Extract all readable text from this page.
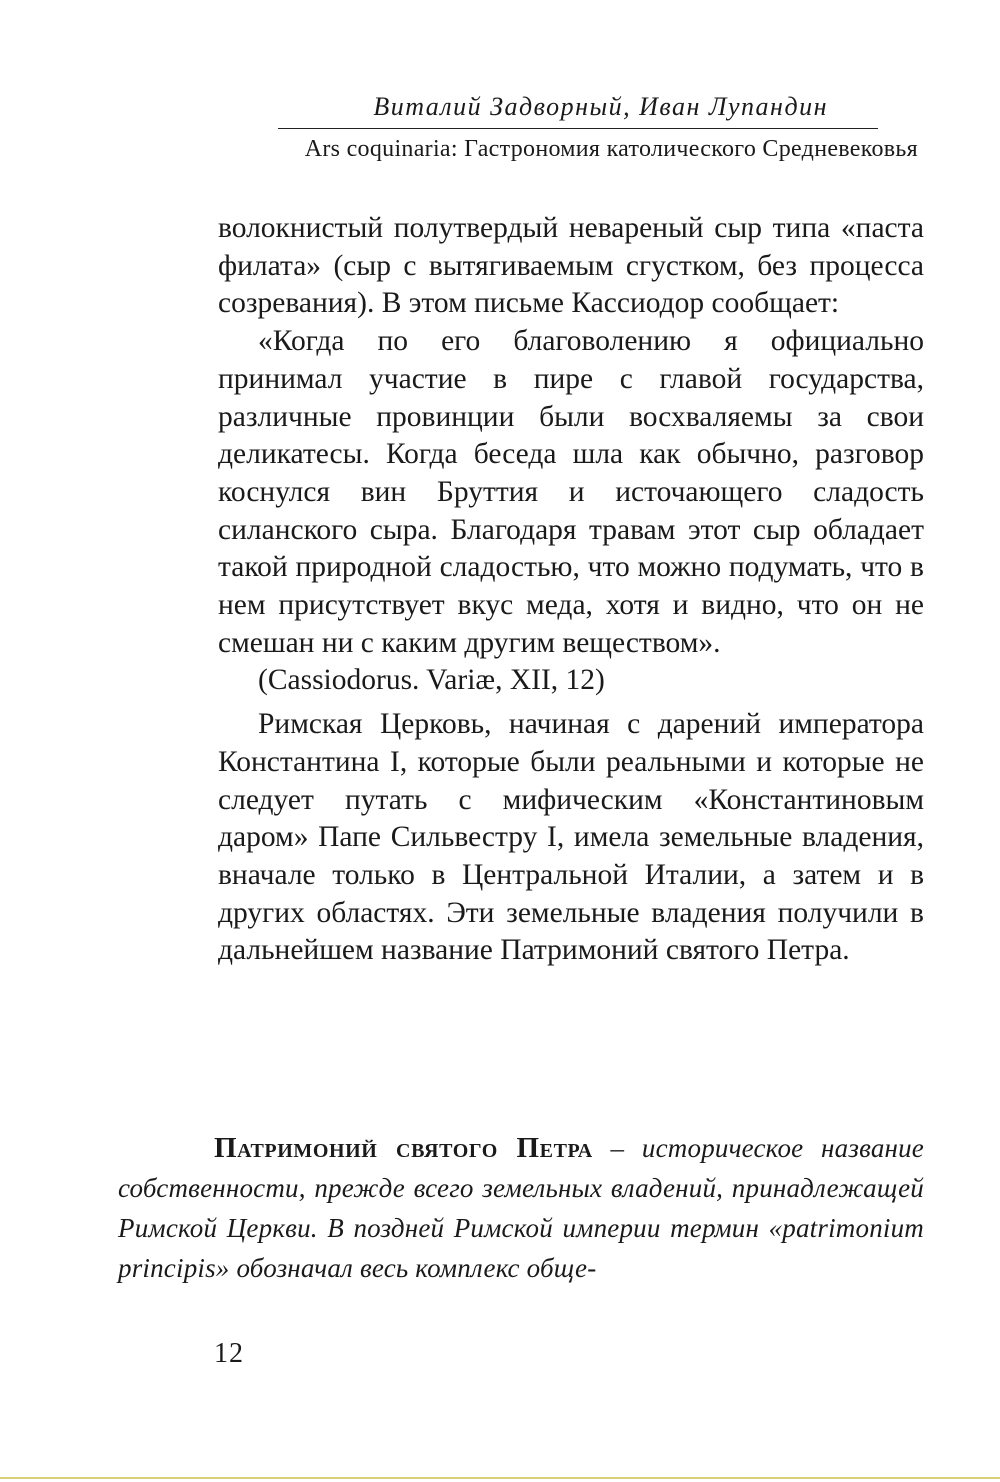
Виталий Задворный, Иван Лупандин
Ars coquinaria: Гастрономия католического Средневековья

волокнистый полутвердый невареный сыр типа «паста филата» (сыр с вытягиваемым сгустком, без процесса созревания). В этом письме Кассиодор сообщает:

«Когда по его благоволению я официально принимал участие в пире с главой государства, различные провинции были восхваляемы за свои деликатесы. Когда беседа шла как обычно, разговор коснулся вин Бруттия и источающего сладость силанского сыра. Благодаря травам этот сыр обладает такой природной сладостью, что можно подумать, что в нем присутствует вкус меда, хотя и видно, что он не смешан ни с каким другим веществом».

(Cassiodorus. Variæ, XII, 12)

Римская Церковь, начиная с дарений императора Константина I, которые были реальными и которые не следует путать с мифическим «Константиновым даром» Папе Сильвестру I, имела земельные владения, вначале только в Центральной Италии, а затем и в других областях. Эти земельные владения получили в дальнейшем название Патримоний святого Петра.

Патримоний святого Петра – историческое название собственности, прежде всего земельных владений, принадлежащей Римской Церкви. В поздней Римской империи термин «patrimonium principis» обозначал весь комплекс обще-
12
